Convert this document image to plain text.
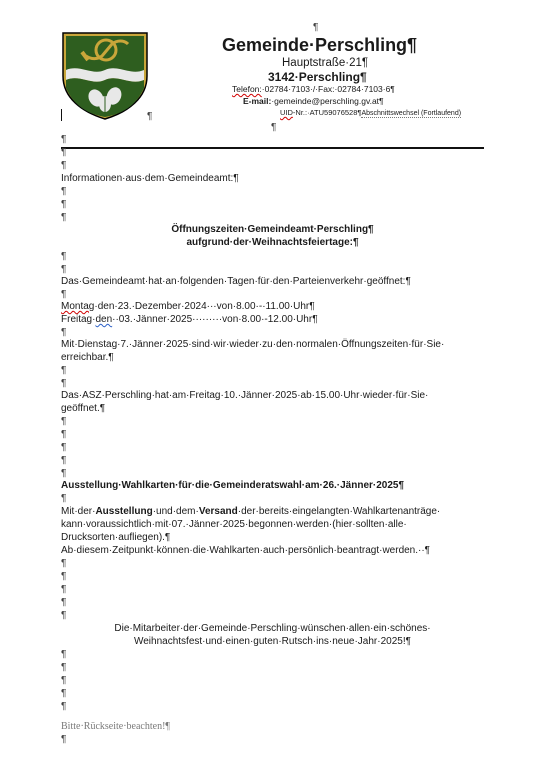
¶
Gemeinde·Perschling¶
Hauptstraße·21¶
3142·Perschling¶
Telefon:·02784·7103·/·Fax:·02784·7103·6¶
E-mail:·gemeinde@perschling.gv.at¶
UID-Nr.:·ATU59076528¶Abschnittswechsel (Fortlaufend)
¶
¶
¶
¶
¶
Informationen·aus·dem·Gemeindeamt:¶
¶
¶
¶
Öffnungszeiten·Gemeindeamt·Perschling¶
aufgrund·der·Weihnachtsfeiertage:¶
¶
¶
Das·Gemeindeamt·hat·an·folgenden·Tagen·für·den·Parteienverkehr·geöffnet:¶
¶
Montag·den·23.·Dezember·2024···von·8.00·-·11.00·Uhr¶
Freitag·den··03.·Jänner·2025·········von·8.00·-12.00·Uhr¶
¶
Mit·Dienstag·7.·Jänner·2025·sind·wir·wieder·zu·den·normalen·Öffnungszeiten·für·Sie·
erreichbar.¶
¶
¶
Das·ASZ·Perschling·hat·am·Freitag·10.·Jänner·2025·ab·15.00·Uhr·wieder·für·Sie·
geöffnet.¶
¶
¶
¶
¶
¶
Ausstellung·Wahlkarten·für·die·Gemeinderatswahl·am·26.·Jänner·2025¶
¶
Mit·der·Ausstellung·und·dem·Versand·der·bereits·eingelangten·Wahlkartenanträge·
kann·voraussichtlich·mit·07.·Jänner·2025·begonnen·werden·(hier·sollten·alle·
Drucksorten·aufliegen).¶
Ab·diesem·Zeitpunkt·können·die·Wahlkarten·auch·persönlich·beantragt·werden.··¶
¶
¶
¶
¶
¶
Die·Mitarbeiter·der·Gemeinde·Perschling·wünschen·allen·ein·schönes·
Weihnachtsfest·und·einen·guten·Rutsch·ins·neue·Jahr·2025!¶
¶
¶
¶
¶
¶
Bitte·Rückseite·beachten!¶
¶
